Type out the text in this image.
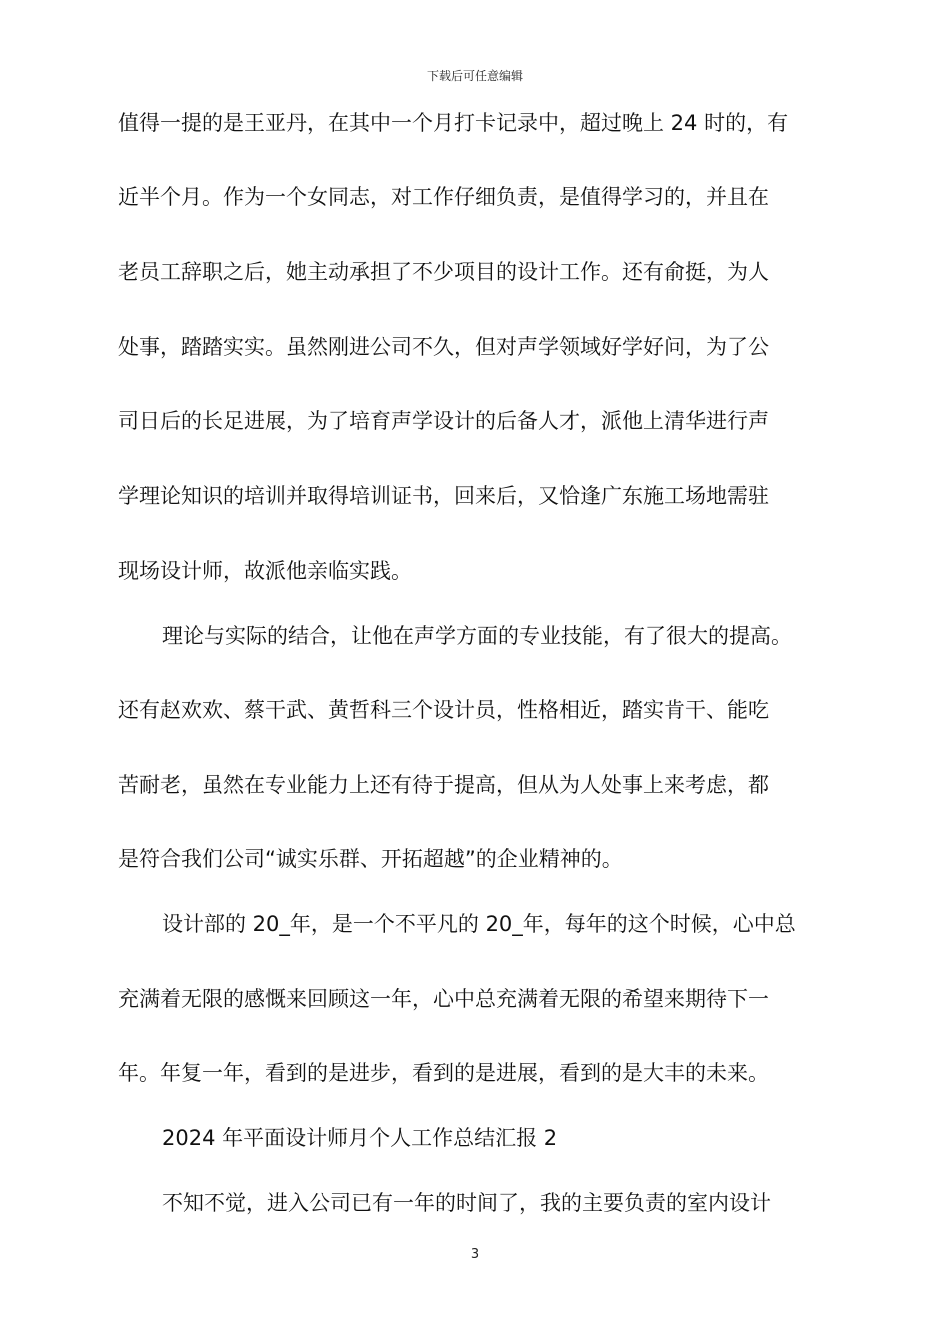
下载后可任意编辑
值得一提的是王亚丹，在其中一个月打卡记录中，超过晚上 24 时的，有
近半个月。作为一个女同志，对工作仔细负责，是值得学习的，并且在
老员工辞职之后，她主动承担了不少项目的设计工作。还有俞挺，为人
处事，踏踏实实。虽然刚进公司不久，但对声学领域好学好问，为了公
司日后的长足进展，为了培育声学设计的后备人才，派他上清华进行声
学理论知识的培训并取得培训证书，回来后，又恰逢广东施工场地需驻
现场设计师，故派他亲临实践。
理论与实际的结合，让他在声学方面的专业技能，有了很大的提高。
还有赵欢欢、蔡干武、黄哲科三个设计员，性格相近，踏实肯干、能吃
苦耐老，虽然在专业能力上还有待于提高，但从为人处事上来考虑，都
是符合我们公司“诚实乐群、开拓超越”的企业精神的。
设计部的 20_年，是一个不平凡的 20_年，每年的这个时候，心中总
充满着无限的感慨来回顾这一年，心中总充满着无限的希望来期待下一
年。年复一年，看到的是进步，看到的是进展，看到的是大丰的未来。
2024 年平面设计师月个人工作总结汇报 2
不知不觉，进入公司已有一年的时间了，我的主要负责的室内设计
3
